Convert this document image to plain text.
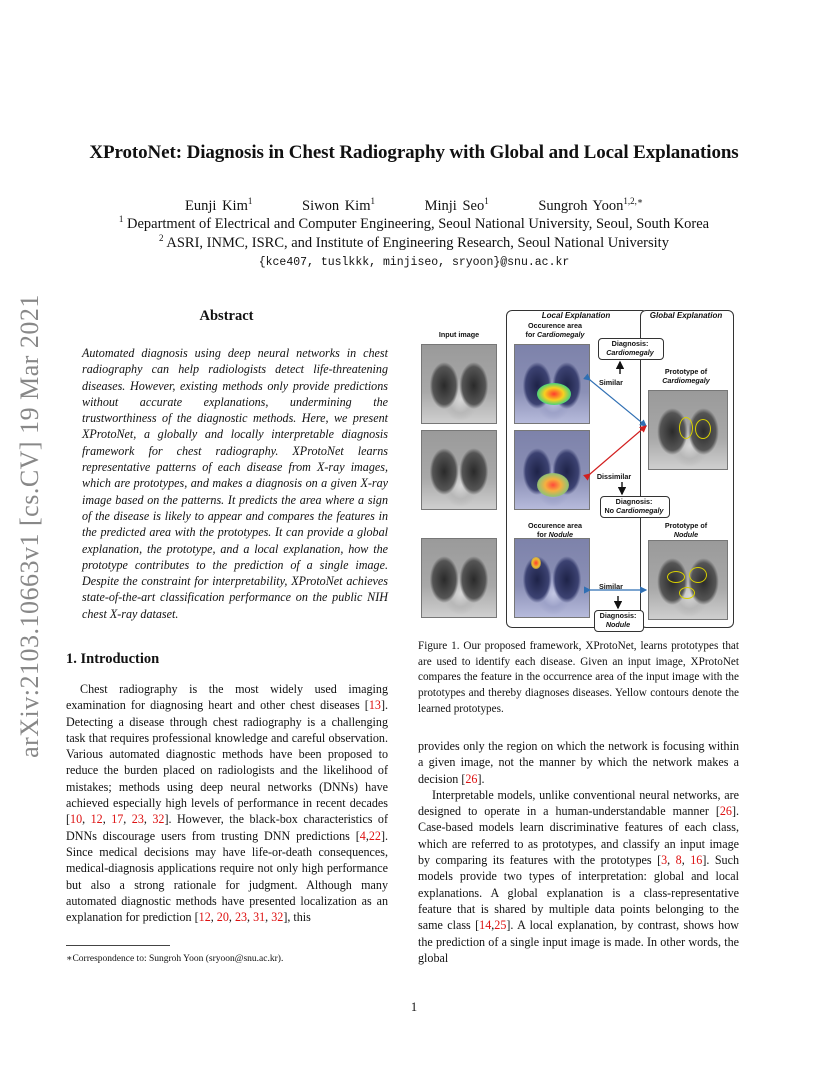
arXiv:2103.10663v1 [cs.CV] 19 Mar 2021
XProtoNet: Diagnosis in Chest Radiography with Global and Local Explanations
Eunji Kim$^1$	Siwon Kim$^1$	Minji Seo$^1$	Sungroh Yoon$^{1,2,∗}$
$^1$ Department of Electrical and Computer Engineering, Seoul National University, Seoul, South Korea
$^2$ ASRI, INMC, ISRC, and Institute of Engineering Research, Seoul National University
{kce407, tuslkkk, minjiseo, sryoon}@snu.ac.kr
Abstract

Automated diagnosis using deep neural networks in chest radiography can help radiologists detect life-threatening diseases. However, existing methods only provide predictions without accurate explanations, undermining the trustworthiness of the diagnostic methods. Here, we present XProtoNet, a globally and locally interpretable diagnosis framework for chest radiography. XProtoNet learns representative patterns of each disease from X-ray images, which are prototypes, and makes a diagnosis on a given X-ray image based on the patterns. It predicts the area where a sign of the disease is likely to appear and compares the features in the predicted area with the prototypes. It can provide a global explanation, the prototype, and a local explanation, how the prototype contributes to the prediction of a single image. Despite the constraint for interpretability, XProtoNet achieves state-of-the-art classification performance on the public NIH chest X-ray dataset.

1. Introduction

Chest radiography is the most widely used imaging examination for diagnosing heart and other chest diseases [13]. Detecting a disease through chest radiography is a challenging task that requires professional knowledge and careful observation. Various automated diagnostic methods have been proposed to reduce the burden placed on radiologists and the likelihood of mistakes; methods using deep neural networks (DNNs) have achieved especially high levels of performance in recent decades [10, 12, 17, 23, 32]. However, the black-box characteristics of DNNs discourage users from trusting DNN predictions [4,22]. Since medical decisions may have life-or-death consequences, medical-diagnosis applications require not only high performance but also a strong rationale for judgment. Although many automated diagnostic methods have presented localization as an explanation for prediction [12, 20, 23, 31, 32], this

∗Correspondence to: Sungroh Yoon (sryoon@snu.ac.kr).

provides only the region on which the network is focusing within a given image, not the manner by which the network makes a decision [26].

Interpretable models, unlike conventional neural networks, are designed to operate in a human-understandable manner [26]. Case-based models learn discriminative features of each class, which are referred to as prototypes, and classify an input image by comparing its features with the prototypes [3, 8, 16]. Such models provide two types of interpretation: global and local explanations. A global explanation is a class-representative feature that is shared by multiple data points belonging to the same class [14,25]. A local explanation, by contrast, shows how the prediction of a single input image is made. In other words, the global

1
Local Explanation	Global Explanation
Input image
Occurence area
for Cardiomegaly
Occurence area
for Nodule
Diagnosis:
Cardiomegaly
Diagnosis:
No Cardiomegaly
Diagnosis:
Nodule
Prototype of
Cardiomegaly
Prototype of
Nodule
Similar
Dissimilar
Similar
Figure 1. Our proposed framework, XProtoNet, learns prototypes that are used to identify each disease. Given an input image, XProtoNet compares the feature in the occurrence area of the input image with the prototypes and thereby diagnoses diseases. Yellow contours denote the learned prototypes.
